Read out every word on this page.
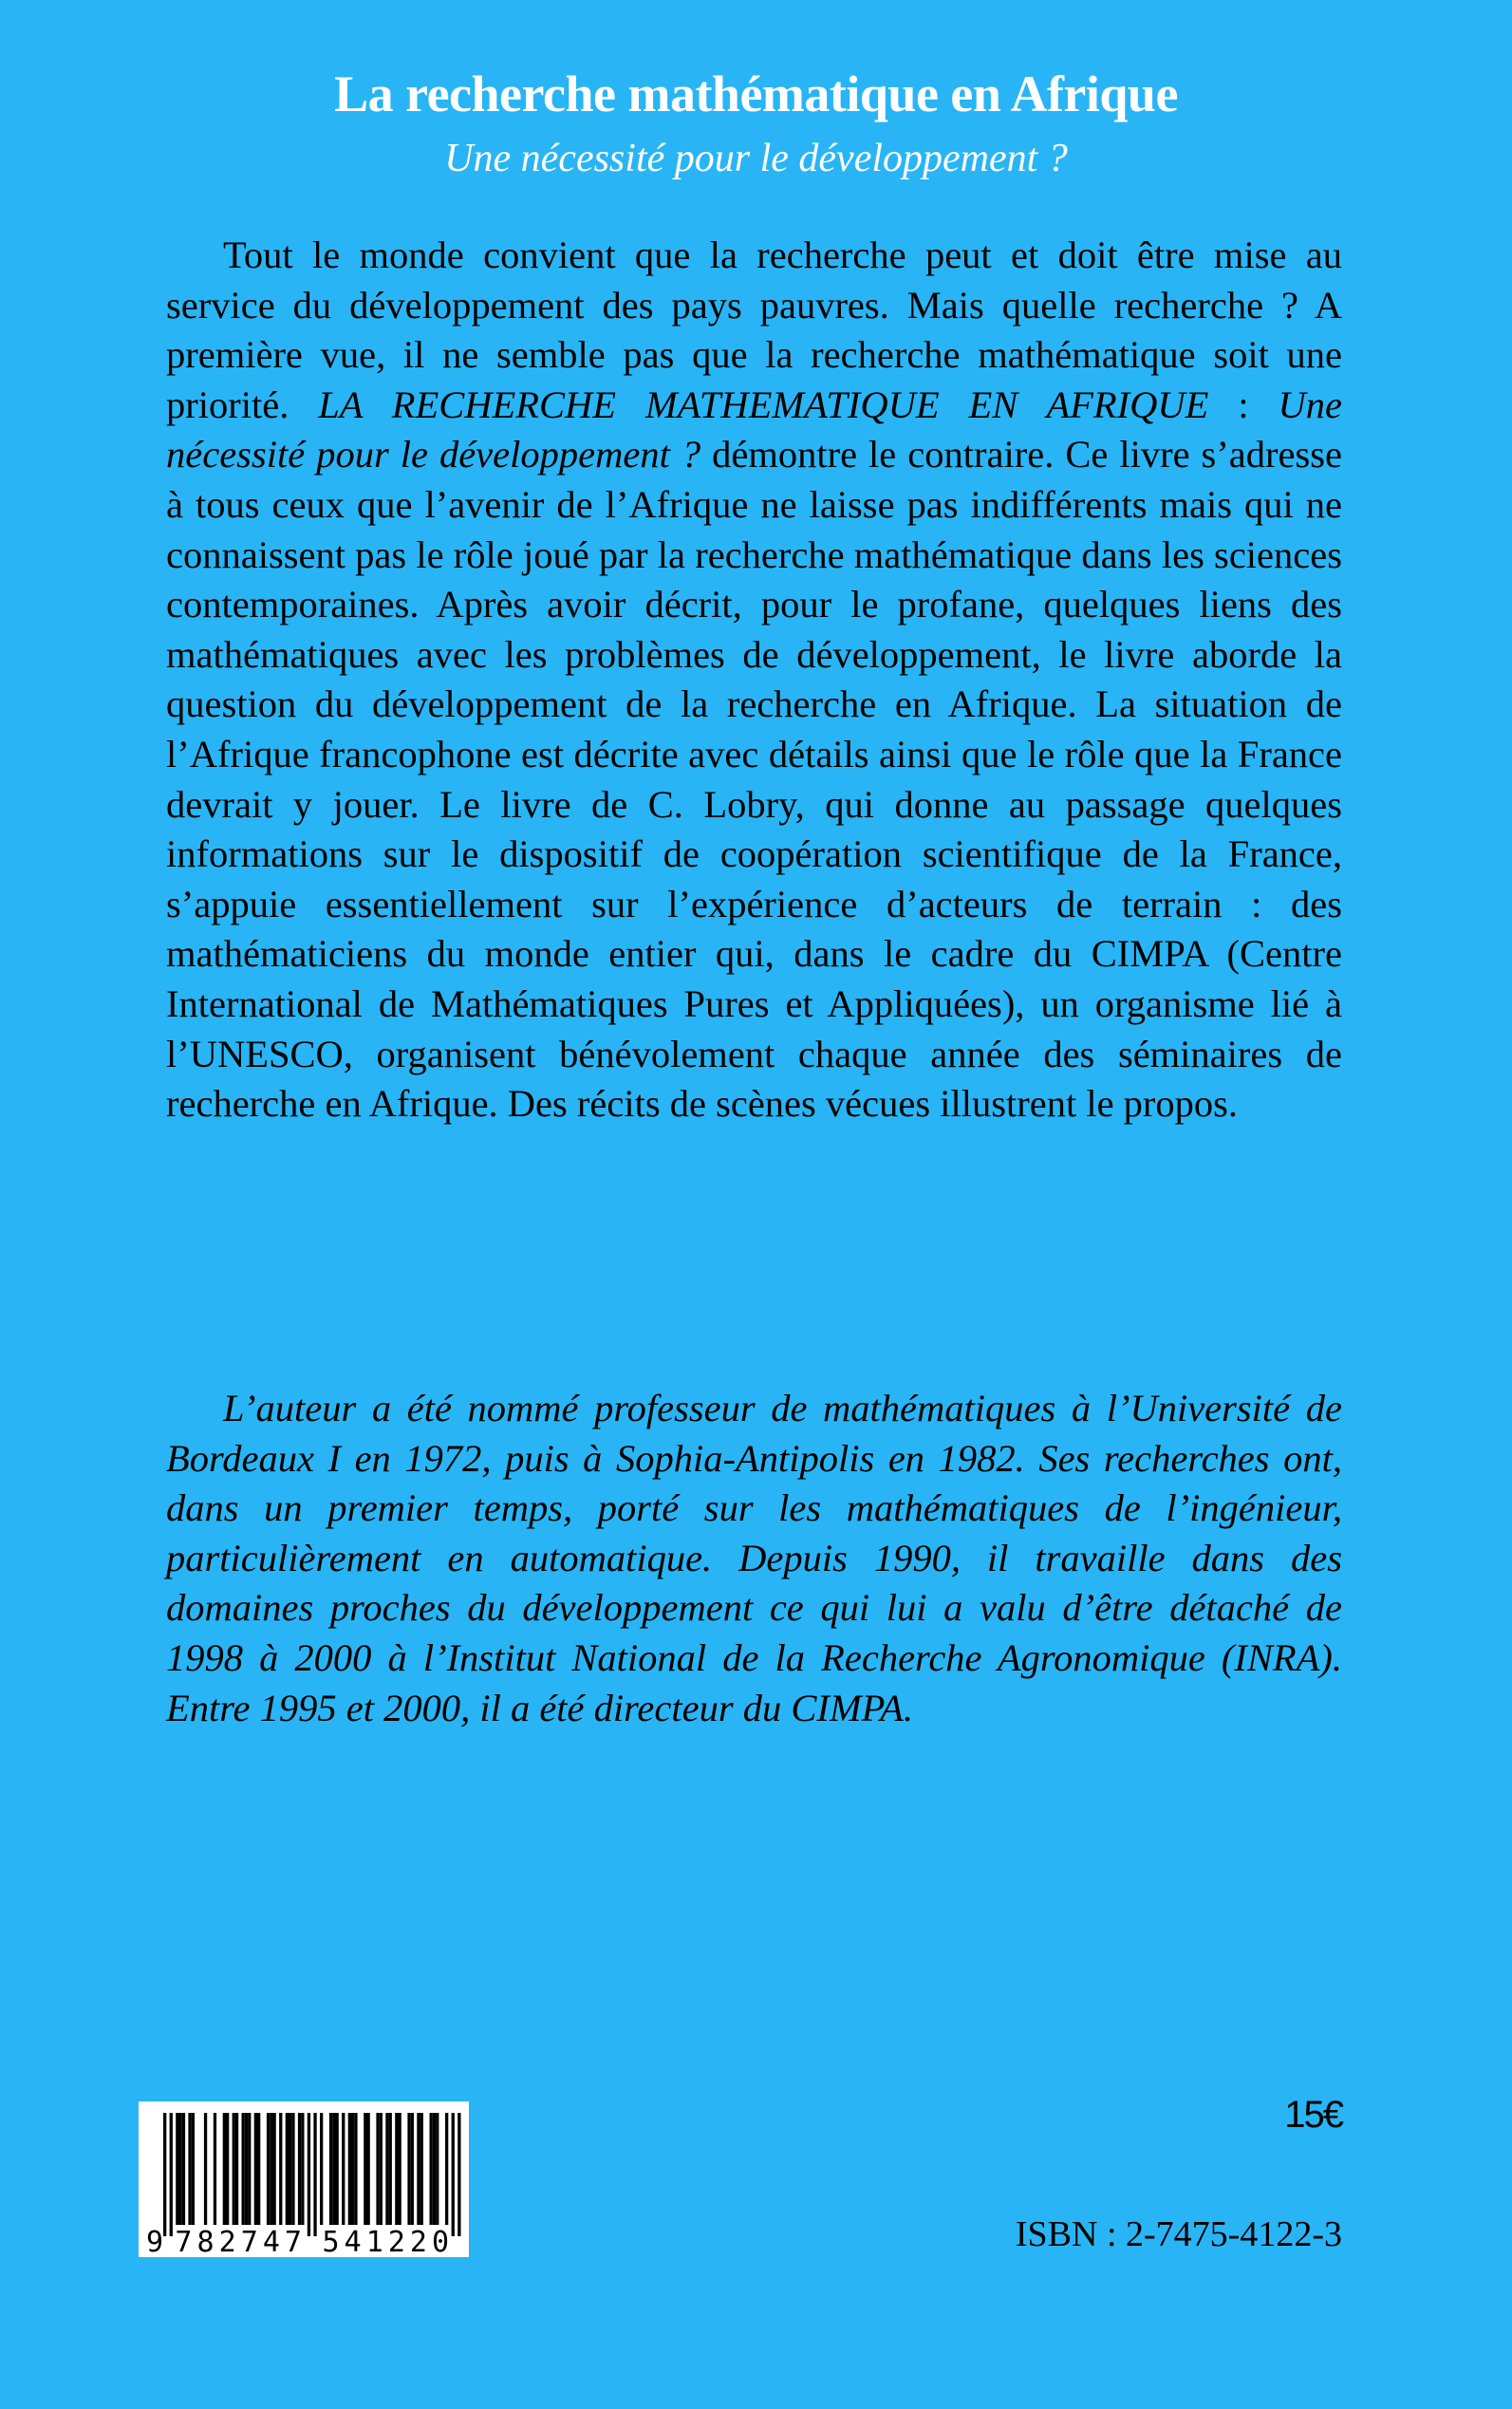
La recherche mathématique en Afrique
Une nécessité pour le développement ?

Tout le monde convient que la recherche peut et doit être mise au service du développement des pays pauvres. Mais quelle recherche ? A première vue, il ne semble pas que la recherche mathématique soit une priorité. LA RECHERCHE MATHEMATIQUE EN AFRIQUE : Une nécessité pour le développement ? démontre le contraire. Ce livre s’adresse à tous ceux que l’avenir de l’Afrique ne laisse pas indifférents mais qui ne connaissent pas le rôle joué par la recherche mathématique dans les sciences contemporaines. Après avoir décrit, pour le profane, quelques liens des mathématiques avec les problèmes de développement, le livre aborde la question du développement de la recherche en Afrique. La situation de l’Afrique francophone est décrite avec détails ainsi que le rôle que la France devrait y jouer. Le livre de C. Lobry, qui donne au passage quelques informations sur le dispositif de coopération scientifique de la France, s’appuie essentiellement sur l’expérience d’acteurs de terrain : des mathématiciens du monde entier qui, dans le cadre du CIMPA (Centre International de Mathématiques Pures et Appliquées), un organisme lié à l’UNESCO, organisent bénévolement chaque année des séminaires de recherche en Afrique. Des récits de scènes vécues illustrent le propos.

L’auteur a été nommé professeur de mathématiques à l’Université de Bordeaux I en 1972, puis à Sophia-Antipolis en 1982. Ses recherches ont, dans un premier temps, porté sur les mathématiques de l’ingénieur, particulièrement en automatique. Depuis 1990, il travaille dans des domaines proches du développement ce qui lui a valu d’être détaché de 1998 à 2000 à l’Institut National de la Recherche Agronomique (INRA). Entre 1995 et 2000, il a été directeur du CIMPA.

9 7 8 2 7 4 7 5 4 1 2 2 0
15€
ISBN : 2-7475-4122-3
